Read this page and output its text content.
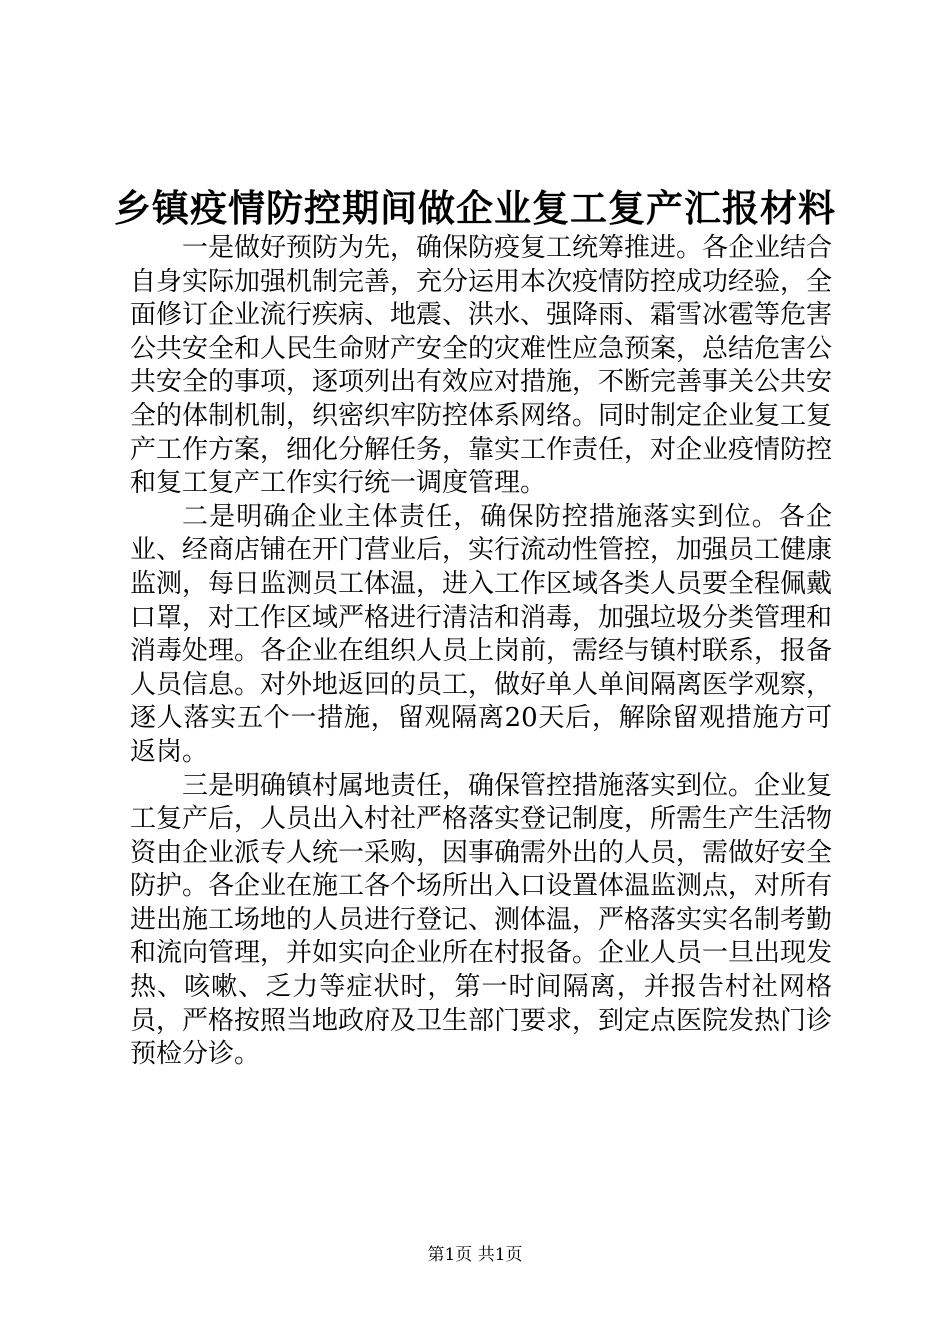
乡镇疫情防控期间做企业复工复产汇报材料

一是做好预防为先，确保防疫复工统筹推进。各企业结合自身实际加强机制完善，充分运用本次疫情防控成功经验，全面修订企业流行疾病、地震、洪水、强降雨、霜雪冰雹等危害公共安全和人民生命财产安全的灾难性应急预案，总结危害公共安全的事项，逐项列出有效应对措施，不断完善事关公共安全的体制机制，织密织牢防控体系网络。同时制定企业复工复产工作方案，细化分解任务，靠实工作责任，对企业疫情防控和复工复产工作实行统一调度管理。

二是明确企业主体责任，确保防控措施落实到位。各企业、经商店铺在开门营业后，实行流动性管控，加强员工健康监测，每日监测员工体温，进入工作区域各类人员要全程佩戴口罩，对工作区域严格进行清洁和消毒，加强垃圾分类管理和消毒处理。各企业在组织人员上岗前，需经与镇村联系，报备人员信息。对外地返回的员工，做好单人单间隔离医学观察，逐人落实五个一措施，留观隔离20天后，解除留观措施方可返岗。

三是明确镇村属地责任，确保管控措施落实到位。企业复工复产后，人员出入村社严格落实登记制度，所需生产生活物资由企业派专人统一采购，因事确需外出的人员，需做好安全防护。各企业在施工各个场所出入口设置体温监测点，对所有进出施工场地的人员进行登记、测体温，严格落实实名制考勤和流向管理，并如实向企业所在村报备。企业人员一旦出现发热、咳嗽、乏力等症状时，第一时间隔离，并报告村社网格员，严格按照当地政府及卫生部门要求，到定点医院发热门诊预检分诊。

第1页 共1页
